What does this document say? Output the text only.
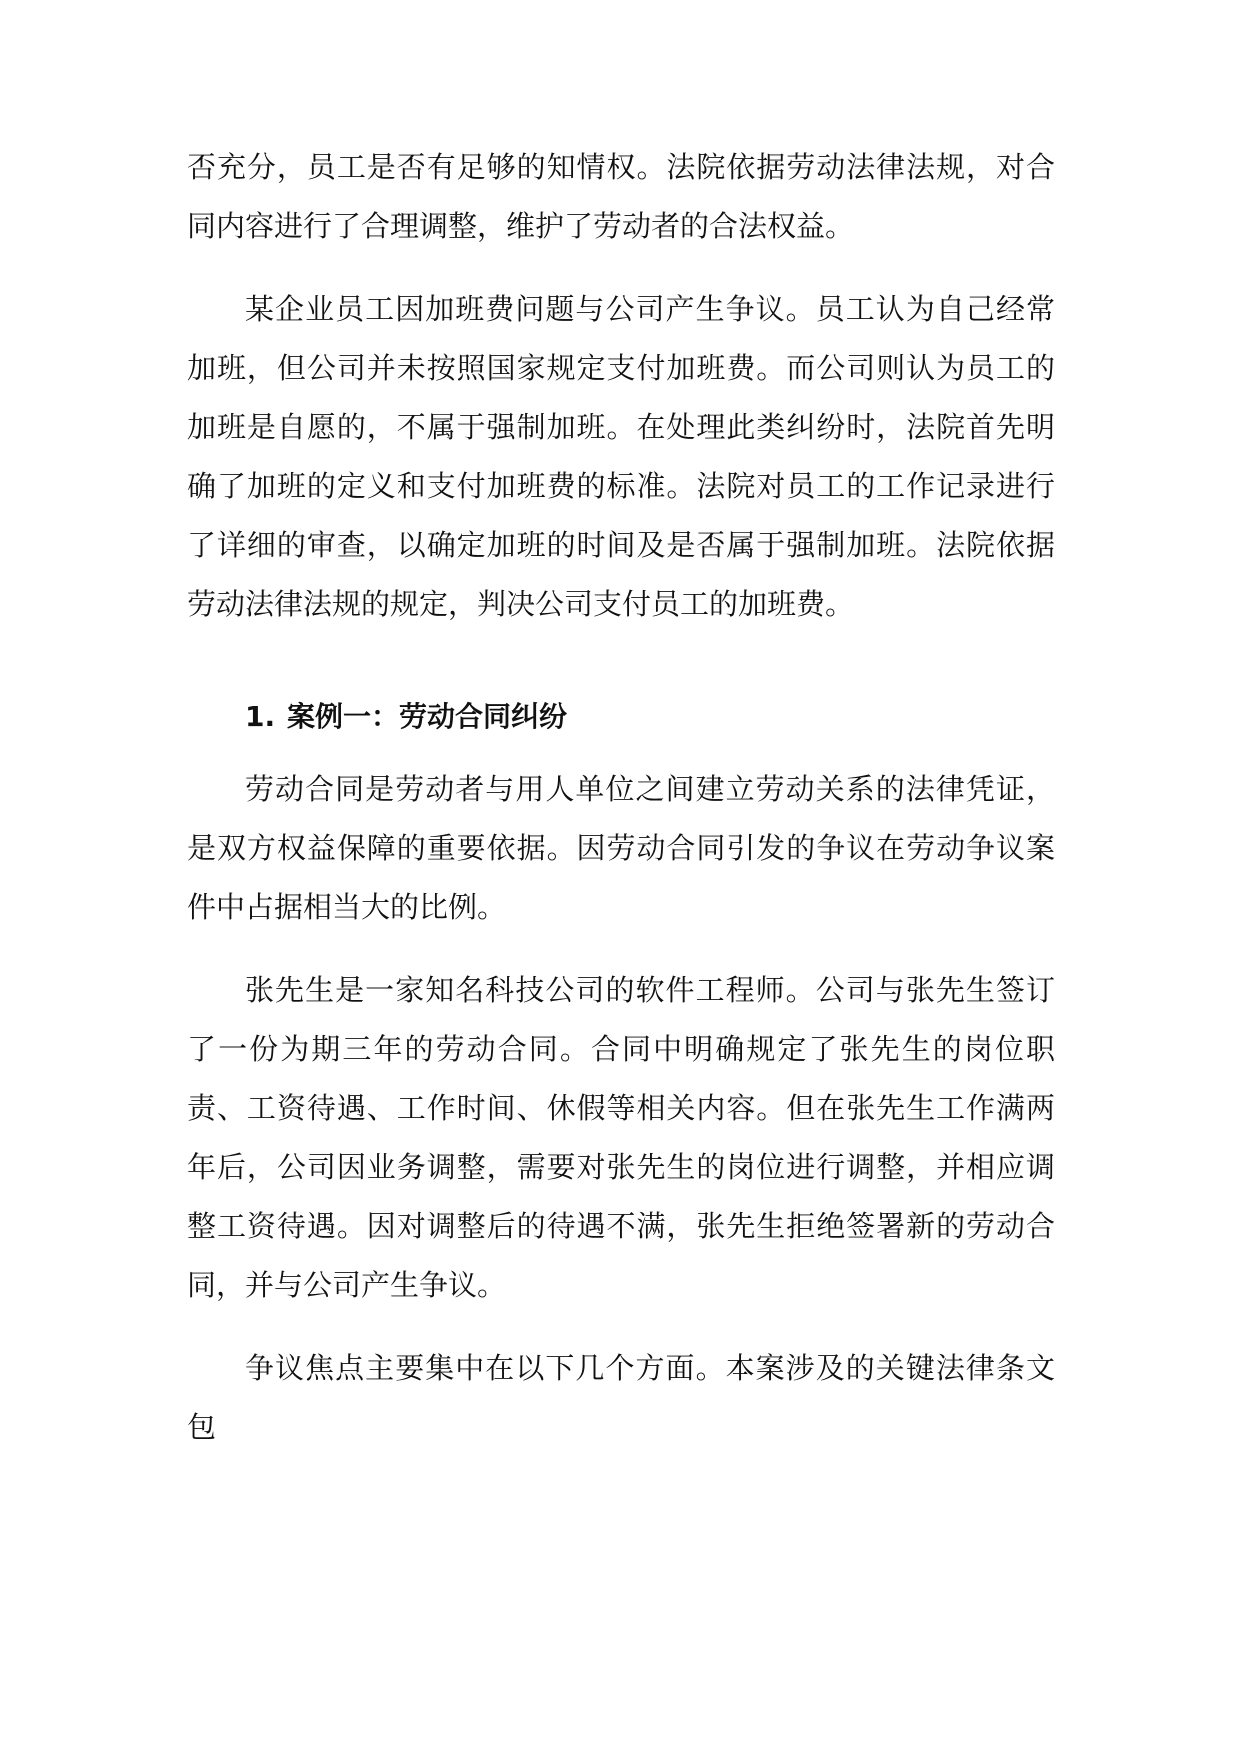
否充分，员工是否有足够的知情权。法院依据劳动法律法规，对合同内容进行了合理调整，维护了劳动者的合法权益。

某企业员工因加班费问题与公司产生争议。员工认为自己经常加班，但公司并未按照国家规定支付加班费。而公司则认为员工的加班是自愿的，不属于强制加班。在处理此类纠纷时，法院首先明确了加班的定义和支付加班费的标准。法院对员工的工作记录进行了详细的审查，以确定加班的时间及是否属于强制加班。法院依据劳动法律法规的规定，判决公司支付员工的加班费。

1. 案例一：劳动合同纠纷

劳动合同是劳动者与用人单位之间建立劳动关系的法律凭证，是双方权益保障的重要依据。因劳动合同引发的争议在劳动争议案件中占据相当大的比例。

张先生是一家知名科技公司的软件工程师。公司与张先生签订了一份为期三年的劳动合同。合同中明确规定了张先生的岗位职责、工资待遇、工作时间、休假等相关内容。但在张先生工作满两年后，公司因业务调整，需要对张先生的岗位进行调整，并相应调整工资待遇。因对调整后的待遇不满，张先生拒绝签署新的劳动合同，并与公司产生争议。

争议焦点主要集中在以下几个方面。本案涉及的关键法律条文包
